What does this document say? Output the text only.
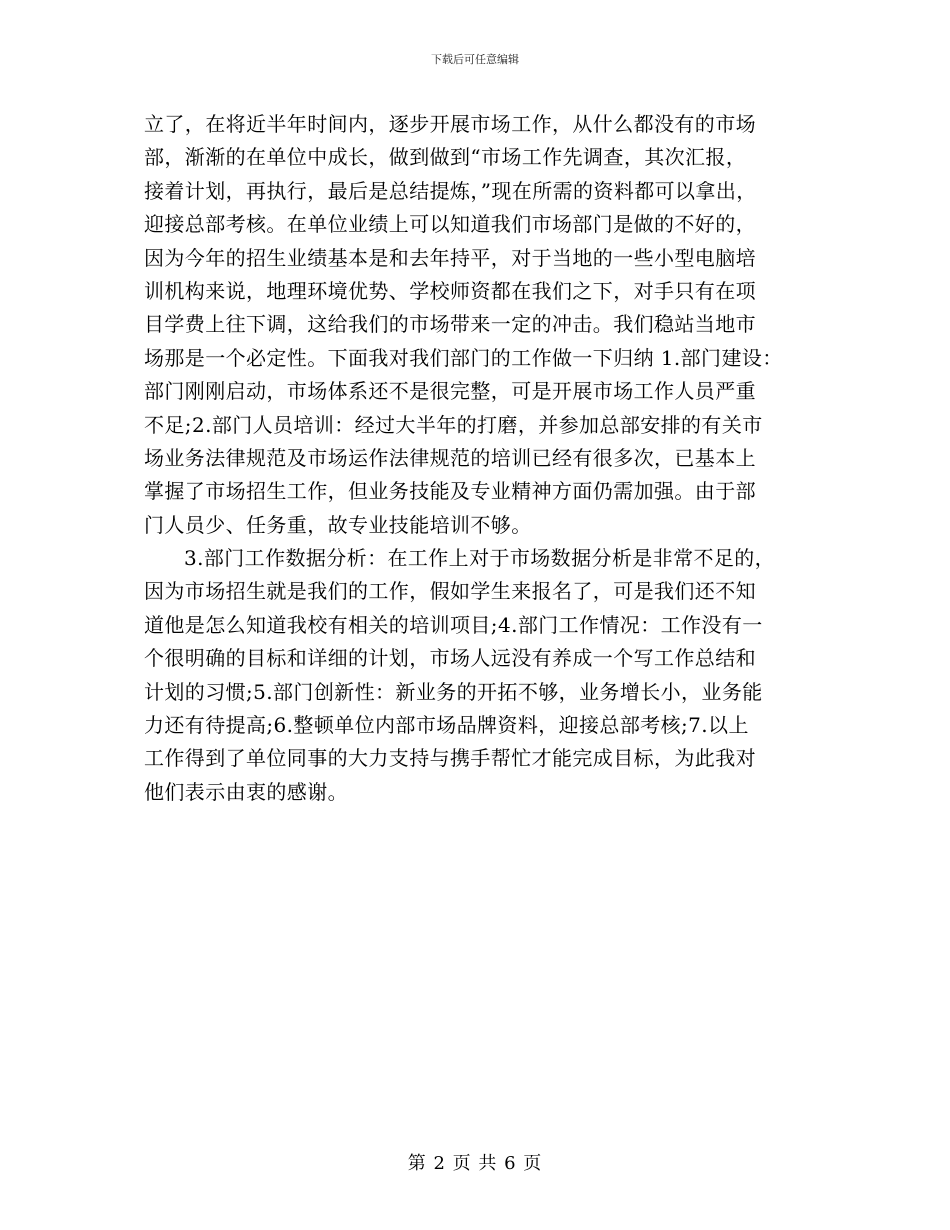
下载后可任意编辑
立了，在将近半年时间内，逐步开展市场工作，从什么都没有的市场
部，渐渐的在单位中成长，做到做到“市场工作先调查，其次汇报，
接着计划，再执行，最后是总结提炼，”现在所需的资料都可以拿出，
迎接总部考核。在单位业绩上可以知道我们市场部门是做的不好的，
因为今年的招生业绩基本是和去年持平，对于当地的一些小型电脑培
训机构来说，地理环境优势、学校师资都在我们之下，对手只有在项
目学费上往下调，这给我们的市场带来一定的冲击。我们稳站当地市
场那是一个必定性。下面我对我们部门的工作做一下归纳 1.部门建设：
部门刚刚启动，市场体系还不是很完整，可是开展市场工作人员严重
不足;2.部门人员培训：经过大半年的打磨，并参加总部安排的有关市
场业务法律规范及市场运作法律规范的培训已经有很多次，已基本上
掌握了市场招生工作，但业务技能及专业精神方面仍需加强。由于部
门人员少、任务重，故专业技能培训不够。
3.部门工作数据分析：在工作上对于市场数据分析是非常不足的，
因为市场招生就是我们的工作，假如学生来报名了，可是我们还不知
道他是怎么知道我校有相关的培训项目;4.部门工作情况：工作没有一
个很明确的目标和详细的计划，市场人远没有养成一个写工作总结和
计划的习惯;5.部门创新性：新业务的开拓不够，业务增长小，业务能
力还有待提高;6.整顿单位内部市场品牌资料，迎接总部考核;7.以上
工作得到了单位同事的大力支持与携手帮忙才能完成目标，为此我对
他们表示由衷的感谢。
第 2 页 共 6 页
